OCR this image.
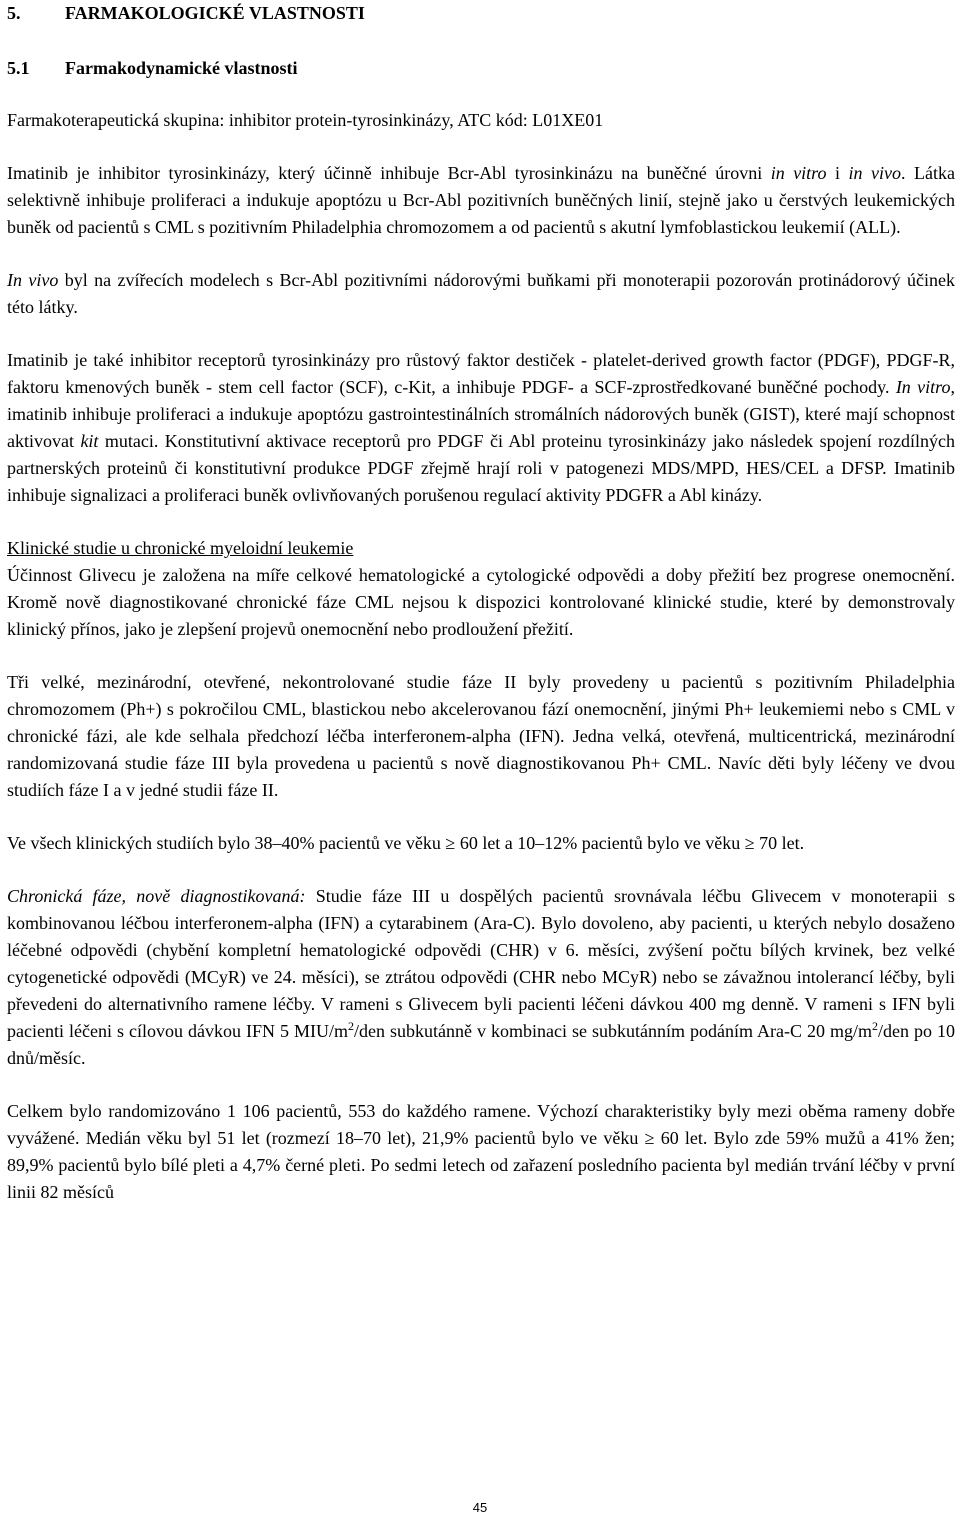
5. FARMAKOLOGICKÉ VLASTNOSTI
5.1 Farmakodynamické vlastnosti

Farmakoterapeutická skupina: inhibitor protein-tyrosinkinázy, ATC kód: L01XE01

Imatinib je inhibitor tyrosinkinázy, který účinně inhibuje Bcr-Abl tyrosinkinázu na buněčné úrovni in vitro i in vivo. Látka selektivně inhibuje proliferaci a indukuje apoptózu u Bcr-Abl pozitivních buněčných linií, stejně jako u čerstvých leukemických buněk od pacientů s CML s pozitivním Philadelphia chromozomem a od pacientů s akutní lymfoblastickou leukemií (ALL).

In vivo byl na zvířecích modelech s Bcr-Abl pozitivními nádorovými buňkami při monoterapii pozorován protinádorový účinek této látky.

Imatinib je také inhibitor receptorů tyrosinkinázy pro růstový faktor destiček - platelet-derived growth factor (PDGF), PDGF-R, faktoru kmenových buněk - stem cell factor (SCF), c-Kit, a inhibuje PDGF- a SCF-zprostředkované buněčné pochody. In vitro, imatinib inhibuje proliferaci a indukuje apoptózu gastrointestinálních stromálních nádorových buněk (GIST), které mají schopnost aktivovat kit mutaci. Konstitutivní aktivace receptorů pro PDGF či Abl proteinu tyrosinkinázy jako následek spojení rozdílných partnerských proteinů či konstitutivní produkce PDGF zřejmě hrají roli v patogenezi MDS/MPD, HES/CEL a DFSP. Imatinib inhibuje signalizaci a proliferaci buněk ovlivňovaných porušenou regulací aktivity PDGFR a Abl kinázy.

Klinické studie u chronické myeloidní leukemie

Účinnost Glivecu je založena na míře celkové hematologické a cytologické odpovědi a doby přežití bez progrese onemocnění. Kromě nově diagnostikované chronické fáze CML nejsou k dispozici kontrolované klinické studie, které by demonstrovaly klinický přínos, jako je zlepšení projevů onemocnění nebo prodloužení přežití.

Tři velké, mezinárodní, otevřené, nekontrolované studie fáze II byly provedeny u pacientů s pozitivním Philadelphia chromozomem (Ph+) s pokročilou CML, blastickou nebo akcelerovanou fází onemocnění, jinými Ph+ leukemiemi nebo s CML v chronické fázi, ale kde selhala předchozí léčba interferonem-alpha (IFN). Jedna velká, otevřená, multicentrická, mezinárodní randomizovaná studie fáze III byla provedena u pacientů s nově diagnostikovanou Ph+ CML. Navíc děti byly léčeny ve dvou studiích fáze I a v jedné studii fáze II.

Ve všech klinických studiích bylo 38–40% pacientů ve věku ≥ 60 let a 10–12% pacientů bylo ve věku ≥ 70 let.

Chronická fáze, nově diagnostikovaná: Studie fáze III u dospělých pacientů srovnávala léčbu Glivecem v monoterapii s kombinovanou léčbou interferonem-alpha (IFN) a cytarabinem (Ara-C). Bylo dovoleno, aby pacienti, u kterých nebylo dosaženo léčebné odpovědi (chybění kompletní hematologické odpovědi (CHR) v 6. měsíci, zvýšení počtu bílých krvinek, bez velké cytogenetické odpovědi (MCyR) ve 24. měsíci), se ztrátou odpovědi (CHR nebo MCyR) nebo se závažnou intolerancí léčby, byli převedeni do alternativního ramene léčby. V rameni s Glivecem byli pacienti léčeni dávkou 400 mg denně. V rameni s IFN byli pacienti léčeni s cílovou dávkou IFN 5 MIU/$m^2$/den subkutánně v kombinaci se subkutánním podáním Ara-C 20 $mg/m^2$/den po 10 dnů/měsíc.

Celkem bylo randomizováno 1 106 pacientů, 553 do každého ramene. Výchozí charakteristiky byly mezi oběma rameny dobře vyvážené. Medián věku byl 51 let (rozmezí 18–70 let), 21,9% pacientů bylo ve věku ≥ 60 let. Bylo zde 59% mužů a 41% žen; 89,9% pacientů bylo bílé pleti a 4,7% černé pleti. Po sedmi letech od zařazení posledního pacienta byl medián trvání léčby v první linii 82 měsíců

45
